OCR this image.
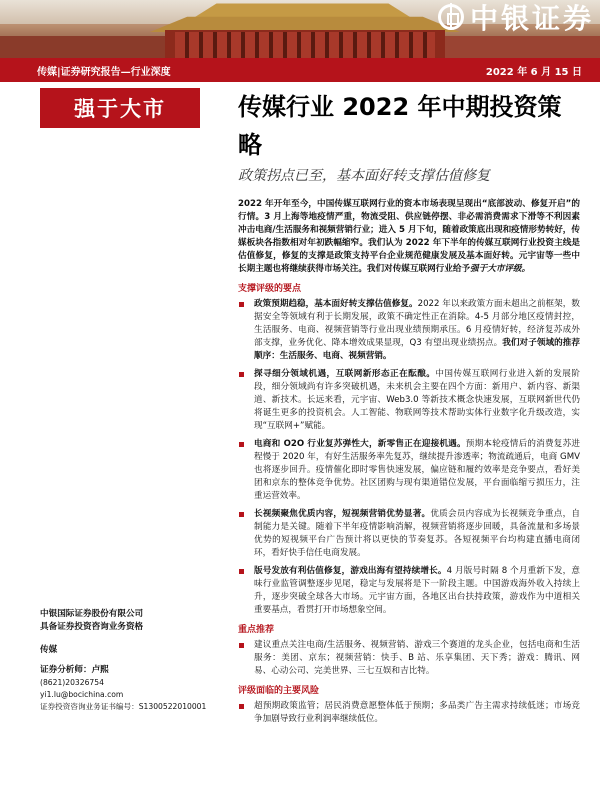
中银证券
传媒|证券研究报告—行业深度	2022 年 6 月 15 日
强于大市	传媒行业 2022 年中期投资策略
政策拐点已至，基本面好转支撑估值修复

2022 年开年至今，中国传媒互联网行业的资本市场表现呈现出“底部波动、修复开启”的行情。3 月上海等地疫情严重，物流受阻、供应链停摆、非必需消费需求下滑等不利因素冲击电商/生活服务和视频营销行业；进入 5 月下旬，随着政策底出现和疫情形势转好，传媒板块各指数相对年初跌幅缩窄。我们认为 2022 年下半年的传媒互联网行业投资主线是估值修复，修复的支撑是政策支持平台企业规范健康发展及基本面好转。元宇宙等一些中长期主题也将继续获得市场关注。我们对传媒互联网行业给予强于大市评级。

支撑评级的要点
政策预期趋稳，基本面好转支撑估值修复。2022 年以来政策方面未超出之前框架，数据安全等领域有利于长期发展，政策不确定性正在消除。4-5 月部分地区疫情封控，生活服务、电商、视频营销等行业出现业绩预期承压。6 月疫情好转，经济复苏成外部支撑，业务优化、降本增效成果显现，Q3 有望出现业绩拐点。我们对子领域的推荐顺序：生活服务、电商、视频营销。
探寻细分领域机遇，互联网新形态正在酝酿。中国传媒互联网行业进入新的发展阶段，细分领域尚有许多突破机遇，未来机会主要在四个方面：新用户、新内容、新渠道、新技术。长远来看，元宇宙、Web3.0 等新技术概念快速发展，互联网新世代仍将诞生更多的投资机会。人工智能、物联网等技术帮助实体行业数字化升级改造，实现“互联网+”赋能。
电商和 O2O 行业复苏弹性大，新零售正在迎接机遇。预期本轮疫情后的消费复苏进程慢于 2020 年，有好生活服务率先复苏，继续提升渗透率；物流疏通后，电商 GMV 也将逐步回升。疫情催化即时零售快速发展，偏应链和履约效率是竞争要点，看好美团和京东的整体竞争优势。社区团购与现有渠道错位发展，平台面临缩亏损压力，注重运营效率。
长视频聚焦优质内容，短视频营销优势显著。优质会员内容成为长视频竞争重点，自制能力是关键。随着下半年疫情影响消解，视频营销将逐步回暖，具备流量和多场景优势的短视频平台广告预计将以更快的节奏复苏。各短视频平台均构建直播电商闭环，看好快手信任电商发展。
版号发放有利估值修复，游戏出海有望持续增长。4 月版号时隔 8 个月重新下发，意味行业监管调整逐步见尾，稳定与发展将是下一阶段主题。中国游戏海外收入持续上升，逐步突破全球各大市场。元宇宙方面，各地区出台扶持政策，游戏作为中道相关重要基点，看贯打开市场想象空间。
重点推荐
建议重点关注电商/生活服务、视频营销、游戏三个赛道的龙头企业，包括电商和生活服务：美团、京东；视频营销：快手、B 站、乐享集团、天下秀；游戏：腾讯、网易、心动公司、完美世界、三七互娱和吉比特。
评级面临的主要风险
超预期政策监管；居民消费意愿整体低于预期；多品类广告主需求持续低迷；市场竞争加剧导致行业利润率继续低位。
中银国际证券股份有限公司
具备证券投资咨询业务资格
传媒
证券分析师：卢熙
(8621)20326754
yi1.lu@bocichina.com
证券投资咨询业务证书编号：S1300522010001
